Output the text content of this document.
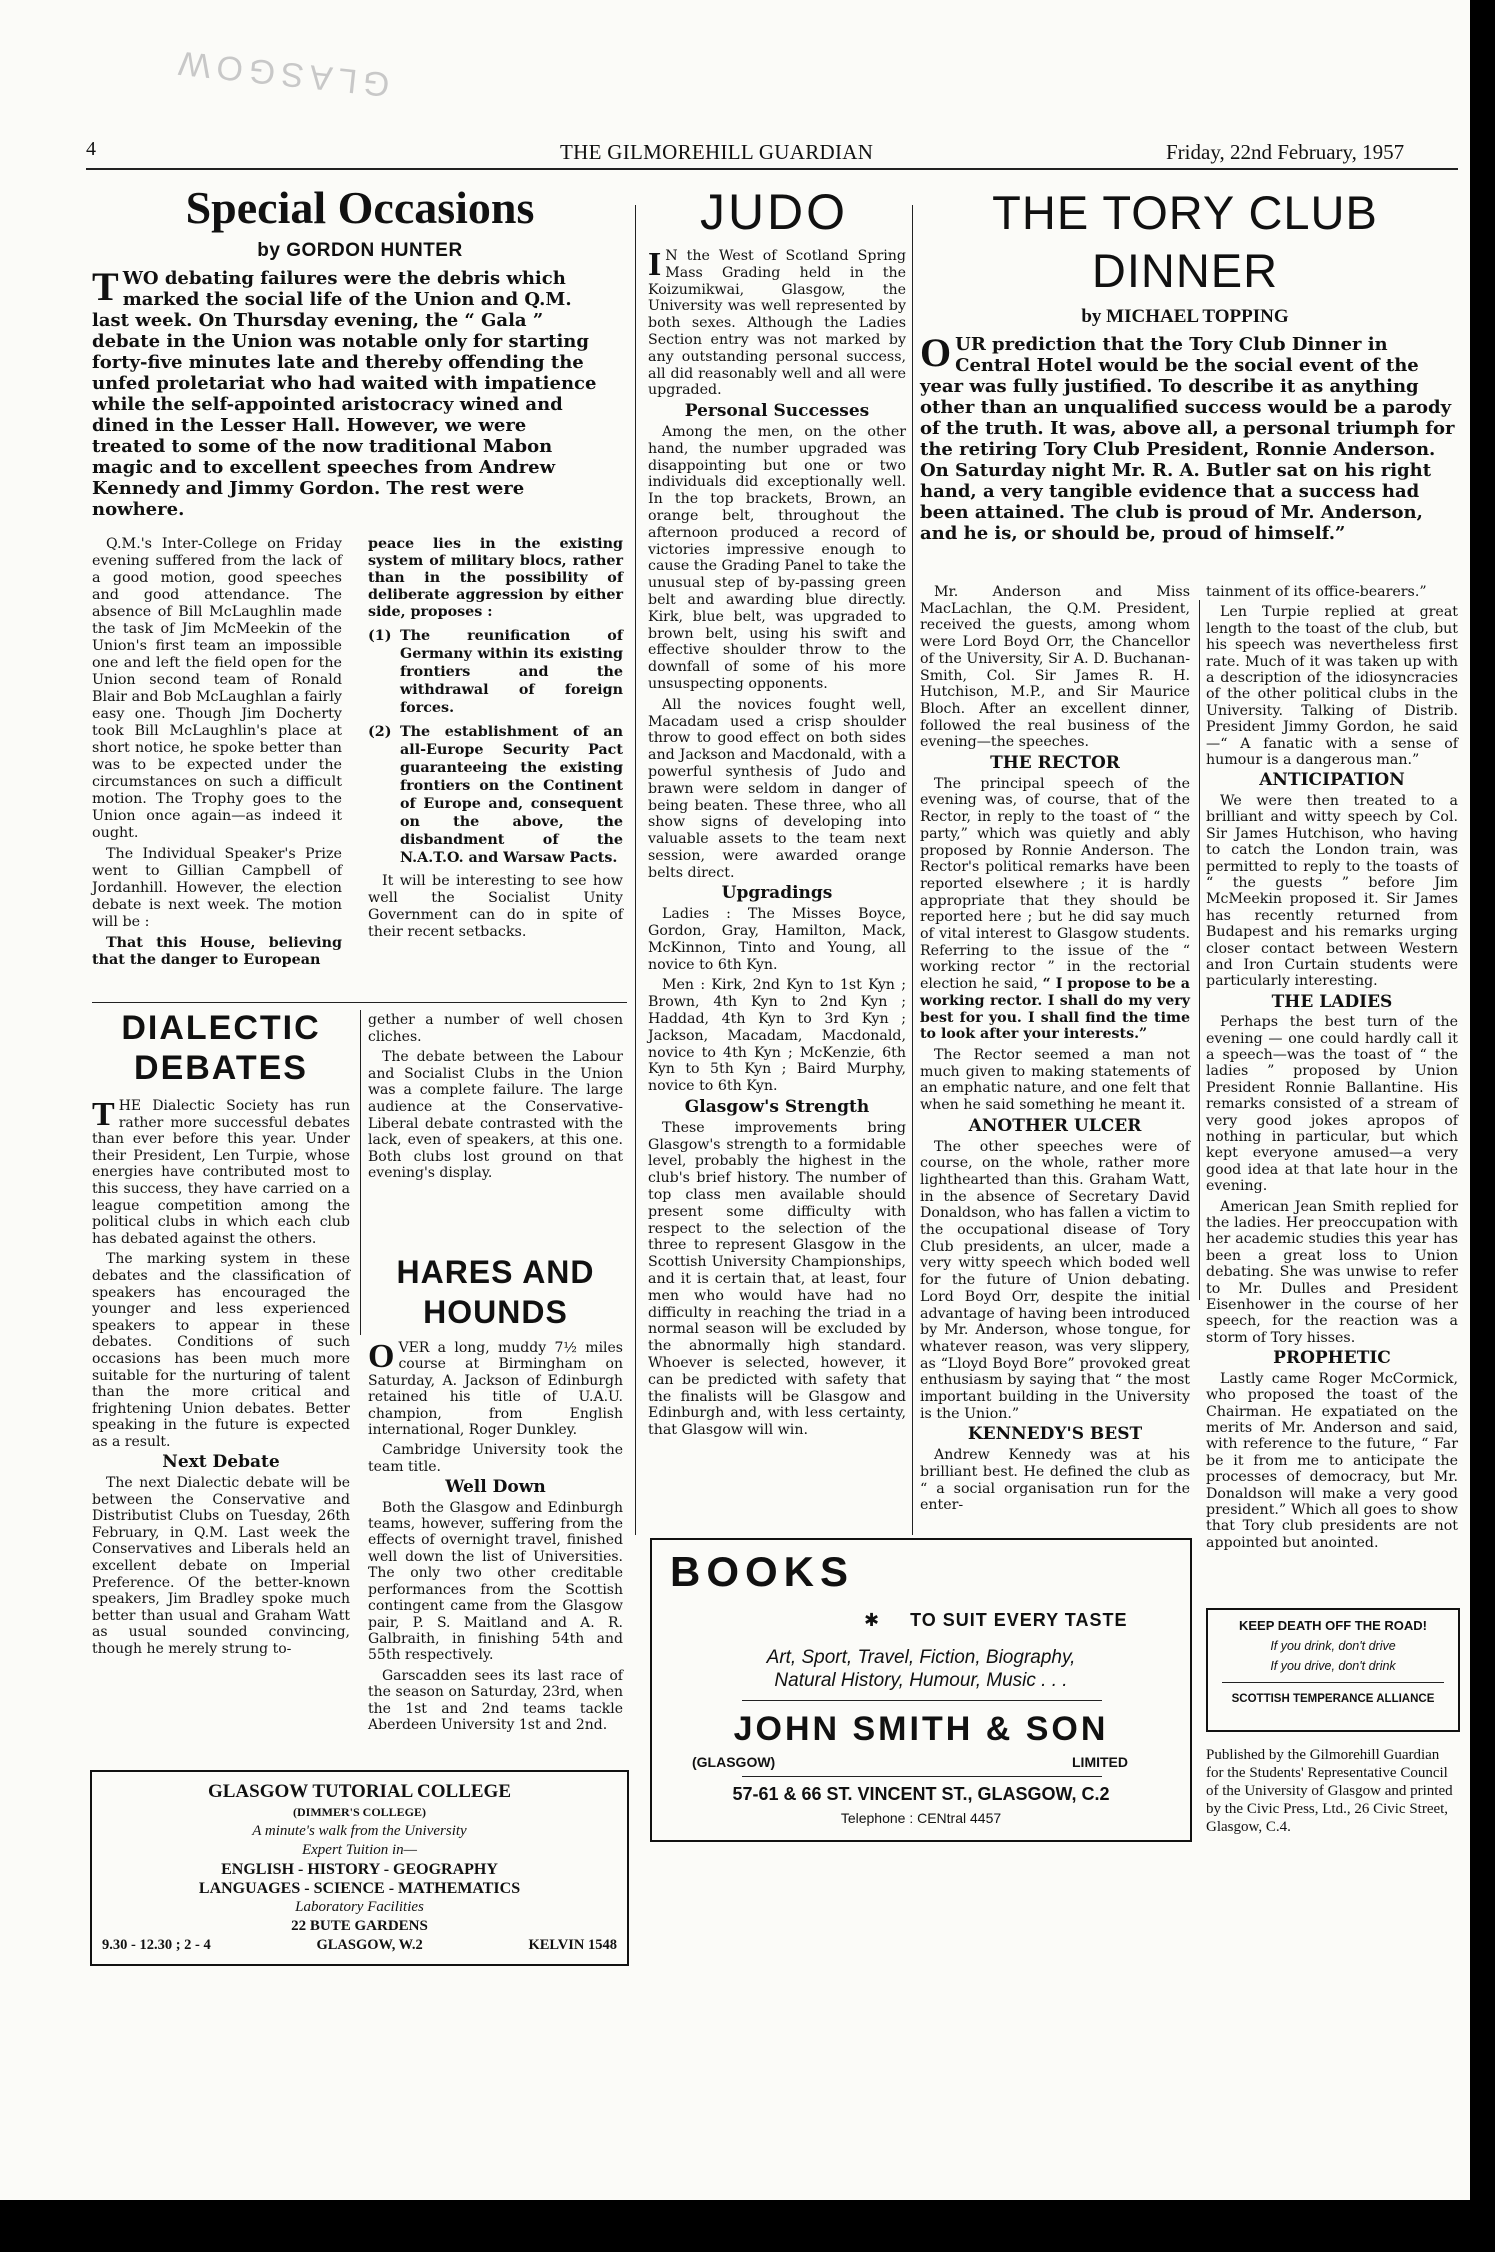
GLASGOW
4	THE GILMOREHILL GUARDIAN	Friday, 22nd February, 1957
Special Occasions
by GORDON HUNTER
T WO debating failures were the debris which marked the social life of the Union and Q.M. last week. On Thursday evening, the “ Gala ” debate in the Union was notable only for starting forty-five minutes late and thereby offending the unfed proletariat who had waited with impatience while the self-appointed aristocracy wined and dined in the Lesser Hall. However, we were treated to some of the now traditional Mabon magic and to excellent speeches from Andrew Kennedy and Jimmy Gordon. The rest were nowhere.

Q.M.'s Inter-College on Friday evening suffered from the lack of a good motion, good speeches and good attendance. The absence of Bill McLaughlin made the task of Jim McMeekin of the Union's first team an impossible one and left the field open for the Union second team of Ronald Blair and Bob McLaughlan a fairly easy one. Though Jim Docherty took Bill McLaughlin's place at short notice, he spoke better than was to be expected under the circumstances on such a difficult motion. The Trophy goes to the Union once again—as indeed it ought.

The Individual Speaker's Prize went to Gillian Campbell of Jordanhill. However, the election debate is next week. The motion will be :

That this House, believing that the danger to European

peace lies in the existing system of military blocs, rather than in the possibility of deliberate aggression by either side, proposes :

(1) The reunification of Germany within its existing frontiers and the withdrawal of foreign forces.
(2) The establishment of an all-Europe Security Pact guaranteeing the existing frontiers on the Continent of Europe and, consequent on the above, the disbandment of the N.A.T.O. and Warsaw Pacts.

It will be interesting to see how well the Socialist Unity Government can do in spite of their recent setbacks.

DIALECTIC
DEBATES
THE Dialectic Society has run rather more successful debates than ever before this year. Under their President, Len Turpie, whose energies have contributed most to this success, they have carried on a league competition among the political clubs in which each club has debated against the others.

The marking system in these debates and the classification of speakers has encouraged the younger and less experienced speakers to appear in these debates. Conditions of such occasions has been much more suitable for the nurturing of talent than the more critical and frightening Union debates. Better speaking in the future is expected as a result.

Next Debate

The next Dialectic debate will be between the Conservative and Distributist Clubs on Tuesday, 26th February, in Q.M. Last week the Conservatives and Liberals held an excellent debate on Imperial Preference. Of the better-known speakers, Jim Bradley spoke much better than usual and Graham Watt as usual sounded convincing, though he merely strung to-

gether a number of well chosen cliches.

The debate between the Labour and Socialist Clubs in the Union was a complete failure. The large audience at the Conservative-Liberal debate contrasted with the lack, even of speakers, at this one. Both clubs lost ground on that evening's display.

HARES AND
HOUNDS
OVER a long, muddy 7½ miles course at Birmingham on Saturday, A. Jackson of Edinburgh retained his title of U.A.U. champion, from English international, Roger Dunkley.

Cambridge University took the team title.

Well Down

Both the Glasgow and Edinburgh teams, however, suffering from the effects of overnight travel, finished well down the list of Universities. The only two other creditable performances from the Scottish contingent came from the Glasgow pair, P. S. Maitland and A. R. Galbraith, in finishing 54th and 55th respectively.

Garscadden sees its last race of the season on Saturday, 23rd, when the 1st and 2nd teams tackle Aberdeen University 1st and 2nd.

GLASGOW TUTORIAL COLLEGE
(DIMMER'S COLLEGE)
A minute's walk from the University
Expert Tuition in—
ENGLISH - HISTORY - GEOGRAPHY
LANGUAGES - SCIENCE - MATHEMATICS
Laboratory Facilities
22 BUTE GARDENS
9.30 - 12.30 ; 2 - 4	GLASGOW, W.2	KELVIN 1548
JUDO
I N the West of Scotland Spring Mass Grading held in the Koizumikwai, Glasgow, the University was well represented by both sexes. Although the Ladies Section entry was not marked by any outstanding personal success, all did reasonably well and all were upgraded.

Personal Successes

Among the men, on the other hand, the number upgraded was disappointing but one or two individuals did exceptionally well. In the top brackets, Brown, an orange belt, throughout the afternoon produced a record of victories impressive enough to cause the Grading Panel to take the unusual step of by-passing green belt and awarding blue directly. Kirk, blue belt, was upgraded to brown belt, using his swift and effective shoulder throw to the downfall of some of his more unsuspecting opponents.

All the novices fought well, Macadam used a crisp shoulder throw to good effect on both sides and Jackson and Macdonald, with a powerful synthesis of Judo and brawn were seldom in danger of being beaten. These three, who all show signs of developing into valuable assets to the team next session, were awarded orange belts direct.

Upgradings

Ladies : The Misses Boyce, Gordon, Gray, Hamilton, Mack, McKinnon, Tinto and Young, all novice to 6th Kyn.

Men : Kirk, 2nd Kyn to 1st Kyn ; Brown, 4th Kyn to 2nd Kyn ; Haddad, 4th Kyn to 3rd Kyn ; Jackson, Macadam, Macdonald, novice to 4th Kyn ; McKenzie, 6th Kyn to 5th Kyn ; Baird Murphy, novice to 6th Kyn.

Glasgow's Strength

These improvements bring Glasgow's strength to a formidable level, probably the highest in the club's brief history. The number of top class men available should present some difficulty with respect to the selection of the three to represent Glasgow in the Scottish University Championships, and it is certain that, at least, four men who would have had no difficulty in reaching the triad in a normal season will be excluded by the abnormally high standard. Whoever is selected, however, it can be predicted with safety that the finalists will be Glasgow and Edinburgh and, with less certainty, that Glasgow will win.

THE TORY CLUB
DINNER
by MICHAEL TOPPING
O UR prediction that the Tory Club Dinner in Central Hotel would be the social event of the year was fully justified. To describe it as anything other than an unqualified success would be a parody of the truth. It was, above all, a personal triumph for the retiring Tory Club President, Ronnie Anderson. On Saturday night Mr. R. A. Butler sat on his right hand, a very tangible evidence that a success had been attained. The club is proud of Mr. Anderson, and he is, or should be, proud of himself.”

Mr. Anderson and Miss MacLachlan, the Q.M. President, received the guests, among whom were Lord Boyd Orr, the Chancellor of the University, Sir A. D. Buchanan-Smith, Col. Sir James R. H. Hutchison, M.P., and Sir Maurice Bloch. After an excellent dinner, followed the real business of the evening—the speeches.

THE RECTOR

The principal speech of the evening was, of course, that of the Rector, in reply to the toast of “ the party,” which was quietly and ably proposed by Ronnie Anderson. The Rector's political remarks have been reported elsewhere ; it is hardly appropriate that they should be reported here ; but he did say much of vital interest to Glasgow students. Referring to the issue of the “ working rector ” in the rectorial election he said, “ I propose to be a working rector. I shall do my very best for you. I shall find the time to look after your interests.”

The Rector seemed a man not much given to making statements of an emphatic nature, and one felt that when he said something he meant it.

ANOTHER ULCER

The other speeches were of course, on the whole, rather more lighthearted than this. Graham Watt, in the absence of Secretary David Donaldson, who has fallen a victim to the occupational disease of Tory Club presidents, an ulcer, made a very witty speech which boded well for the future of Union debating. Lord Boyd Orr, despite the initial advantage of having been introduced by Mr. Anderson, whose tongue, for whatever reason, was very slippery, as “Lloyd Boyd Bore” provoked great enthusiasm by saying that “ the most important building in the University is the Union.”

KENNEDY'S BEST

Andrew Kennedy was at his brilliant best. He defined the club as “ a social organisation run for the enter-

tainment of its office-bearers.”

Len Turpie replied at great length to the toast of the club, but his speech was nevertheless first rate. Much of it was taken up with a description of the idiosyncracies of the other political clubs in the University. Talking of Distrib. President Jimmy Gordon, he said—“ A fanatic with a sense of humour is a dangerous man.”

ANTICIPATION

We were then treated to a brilliant and witty speech by Col. Sir James Hutchison, who having to catch the London train, was permitted to reply to the toasts of “ the guests ” before Jim McMeekin proposed it. Sir James has recently returned from Budapest and his remarks urging closer contact between Western and Iron Curtain students were particularly interesting.

THE LADIES

Perhaps the best turn of the evening — one could hardly call it a speech—was the toast of “ the ladies ” proposed by Union President Ronnie Ballantine. His remarks consisted of a stream of very good jokes apropos of nothing in particular, but which kept everyone amused—a very good idea at that late hour in the evening.

American Jean Smith replied for the ladies. Her preoccupation with her academic studies this year has been a great loss to Union debating. She was unwise to refer to Mr. Dulles and President Eisenhower in the course of her speech, for the reaction was a storm of Tory hisses.

PROPHETIC

Lastly came Roger McCormick, who proposed the toast of the Chairman. He expatiated on the merits of Mr. Anderson and said, with reference to the future, “ Far be it from me to anticipate the processes of democracy, but Mr. Donaldson will make a very good president.” Which all goes to show that Tory club presidents are not appointed but anointed.

BOOKS
✱ TO SUIT EVERY TASTE
Art, Sport, Travel, Fiction, Biography,
Natural History, Humour, Music . . .
JOHN SMITH & SON
(GLASGOW)	LIMITED
57-61 & 66 ST. VINCENT ST., GLASGOW, C.2
Telephone : CENtral 4457
KEEP DEATH OFF THE ROAD!
If you drink, don't drive
If you drive, don't drink
SCOTTISH TEMPERANCE ALLIANCE
Published by the Gilmorehill Guardian for the Students' Representative Council of the University of Glasgow and printed by the Civic Press, Ltd., 26 Civic Street, Glasgow, C.4.
